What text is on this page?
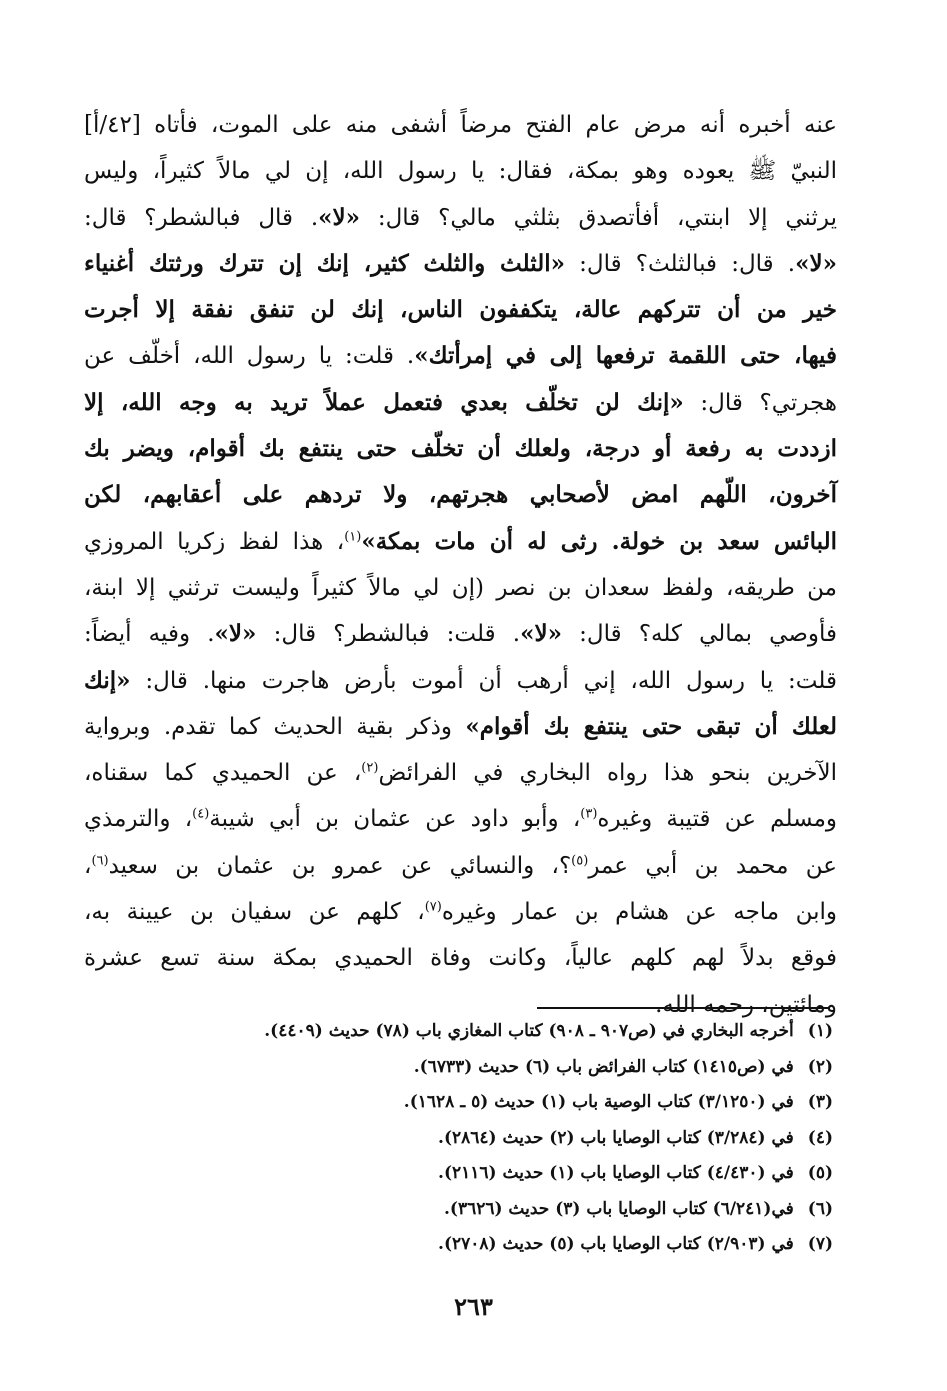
عنه أخبره أنه مرض عام الفتح مرضاً أشفى منه على الموت، فأتاه [٤٢/أ]
النبيّ ﷺ يعوده وهو بمكة، فقال: يا رسول الله، إن لي مالاً كثيراً، وليس
يرثني إلا ابنتي، أفأتصدق بثلثي مالي؟ قال: «لا». قال فبالشطر؟ قال:
«لا». قال: فبالثلث؟ قال: «الثلث والثلث كثير، إنك إن تترك ورثتك أغنياء
خير من أن تتركهم عالة، يتكففون الناس، إنك لن تنفق نفقة إلا أجرت
فيها، حتى اللقمة ترفعها إلى في إمرأتك». قلت: يا رسول الله، أخلّف عن
هجرتي؟ قال: «إنك لن تخلّف بعدي فتعمل عملاً تريد به وجه الله، إلا
ازددت به رفعة أو درجة، ولعلك أن تخلّف حتى ينتفع بك أقوام، ويضر بك
آخرون، اللّهم امض لأصحابي هجرتهم، ولا تردهم على أعقابهم، لكن
البائس سعد بن خولة. رثى له أن مات بمكة»$^{(١)}$، هذا لفظ زكريا المروزي
من طريقه، ولفظ سعدان بن نصر (إن لي مالاً كثيراً وليست ترثني إلا ابنة،
فأوصي بمالي كله؟ قال: «لا». قلت: فبالشطر؟ قال: «لا». وفيه أيضاً:
قلت: يا رسول الله، إني أرهب أن أموت بأرض هاجرت منها. قال: «إنك
لعلك أن تبقى حتى ينتفع بك أقوام» وذكر بقية الحديث كما تقدم. وبرواية
الآخرين بنحو هذا رواه البخاري في الفرائض$^{(٢)}$، عن الحميدي كما سقناه،
ومسلم عن قتيبة وغيره$^{(٣)}$، وأبو داود عن عثمان بن أبي شيبة$^{(٤)}$، والترمذي
عن محمد بن أبي عمر$^{(٥)}$؟، والنسائي عن عمرو بن عثمان بن سعيد$^{(٦)}$،
وابن ماجه عن هشام بن عمار وغيره$^{(٧)}$، كلهم عن سفيان بن عيينة به،
فوقع بدلاً لهم كلهم عالياً، وكانت وفاة الحميدي بمكة سنة تسع عشرة
ومائتين، رحمه الله.
(١)أخرجه البخاري في (ص٩٠٧ ـ ٩٠٨) كتاب المغازي باب (٧٨) حديث (٤٤٠٩).
(٢)في (ص١٤١٥) كتاب الفرائض باب (٦) حديث (٦٧٣٣).
(٣)في (٣/١٢٥٠) كتاب الوصية باب (١) حديث (٥ ـ ١٦٢٨).
(٤)في (٣/٢٨٤) كتاب الوصايا باب (٢) حديث (٢٨٦٤).
(٥)في (٤/٤٣٠) كتاب الوصايا باب (١) حديث (٢١١٦).
(٦)في(٦/٢٤١) كتاب الوصايا باب (٣) حديث (٣٦٢٦).
(٧)في (٢/٩٠٣) كتاب الوصايا باب (٥) حديث (٢٧٠٨).
٢٦٣
